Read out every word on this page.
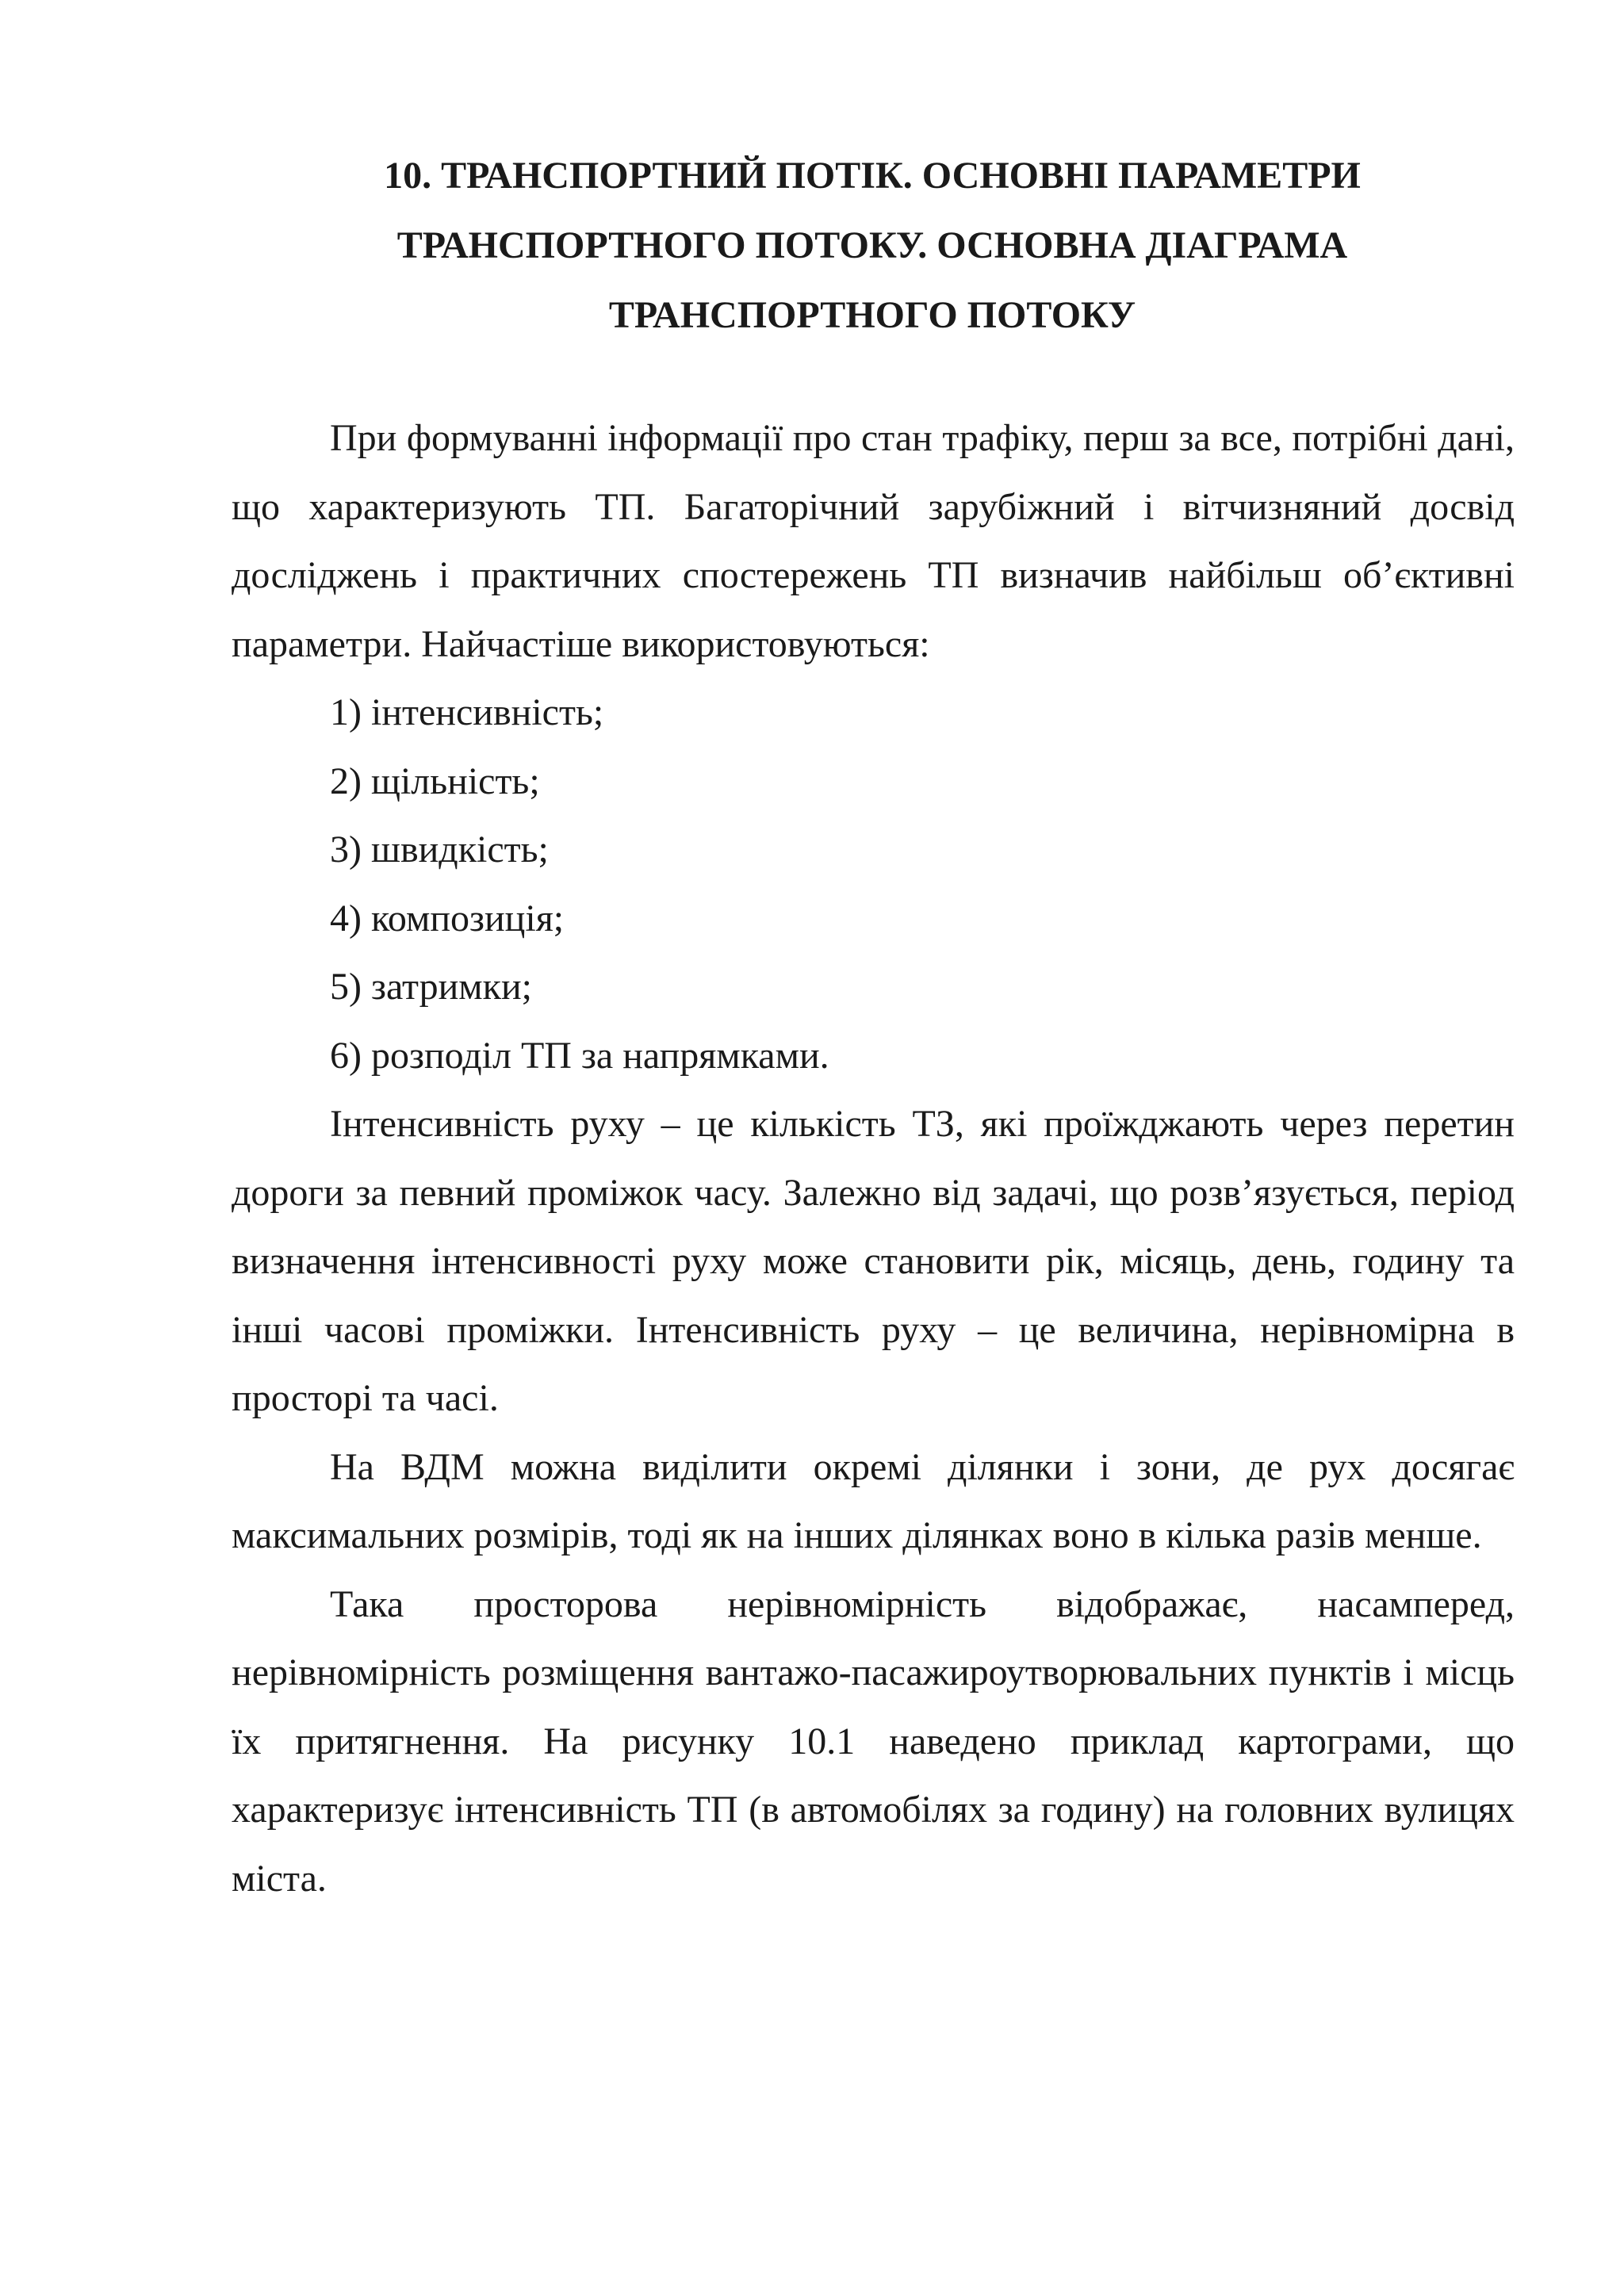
10. ТРАНСПОРТНИЙ ПОТІК. ОСНОВНІ ПАРАМЕТРИ
ТРАНСПОРТНОГО ПОТОКУ. ОСНОВНА ДІАГРАМА
ТРАНСПОРТНОГО ПОТОКУ

При формуванні інформації про стан трафіку, перш за все, потрібні дані, що характеризують ТП. Багаторічний зарубіжний і вітчизняний досвід досліджень і практичних спостережень ТП визначив найбільш об’єктивні параметри. Найчастіше використовуються:

1) інтенсивність;

2) щільність;

3) швидкість;

4) композиція;

5) затримки;

6) розподіл ТП за напрямками.

Інтенсивність руху – це кількість ТЗ, які проїжджають через перетин дороги за певний проміжок часу. Залежно від задачі, що розв’язується, період визначення інтенсивності руху може становити рік, місяць, день, годину та інші часові проміжки. Інтенсивність руху – це величина, нерівномірна в просторі та часі.

На ВДМ можна виділити окремі ділянки і зони, де рух досягає максимальних розмірів, тоді як на інших ділянках воно в кілька разів менше.

Така просторова нерівномірність відображає, насамперед, нерівномірність розміщення вантажо-пасажироутворювальних пунктів і місць їх притягнення. На рисунку 10.1 наведено приклад картограми, що характеризує інтенсивність ТП (в автомобілях за годину) на головних вулицях міста.
